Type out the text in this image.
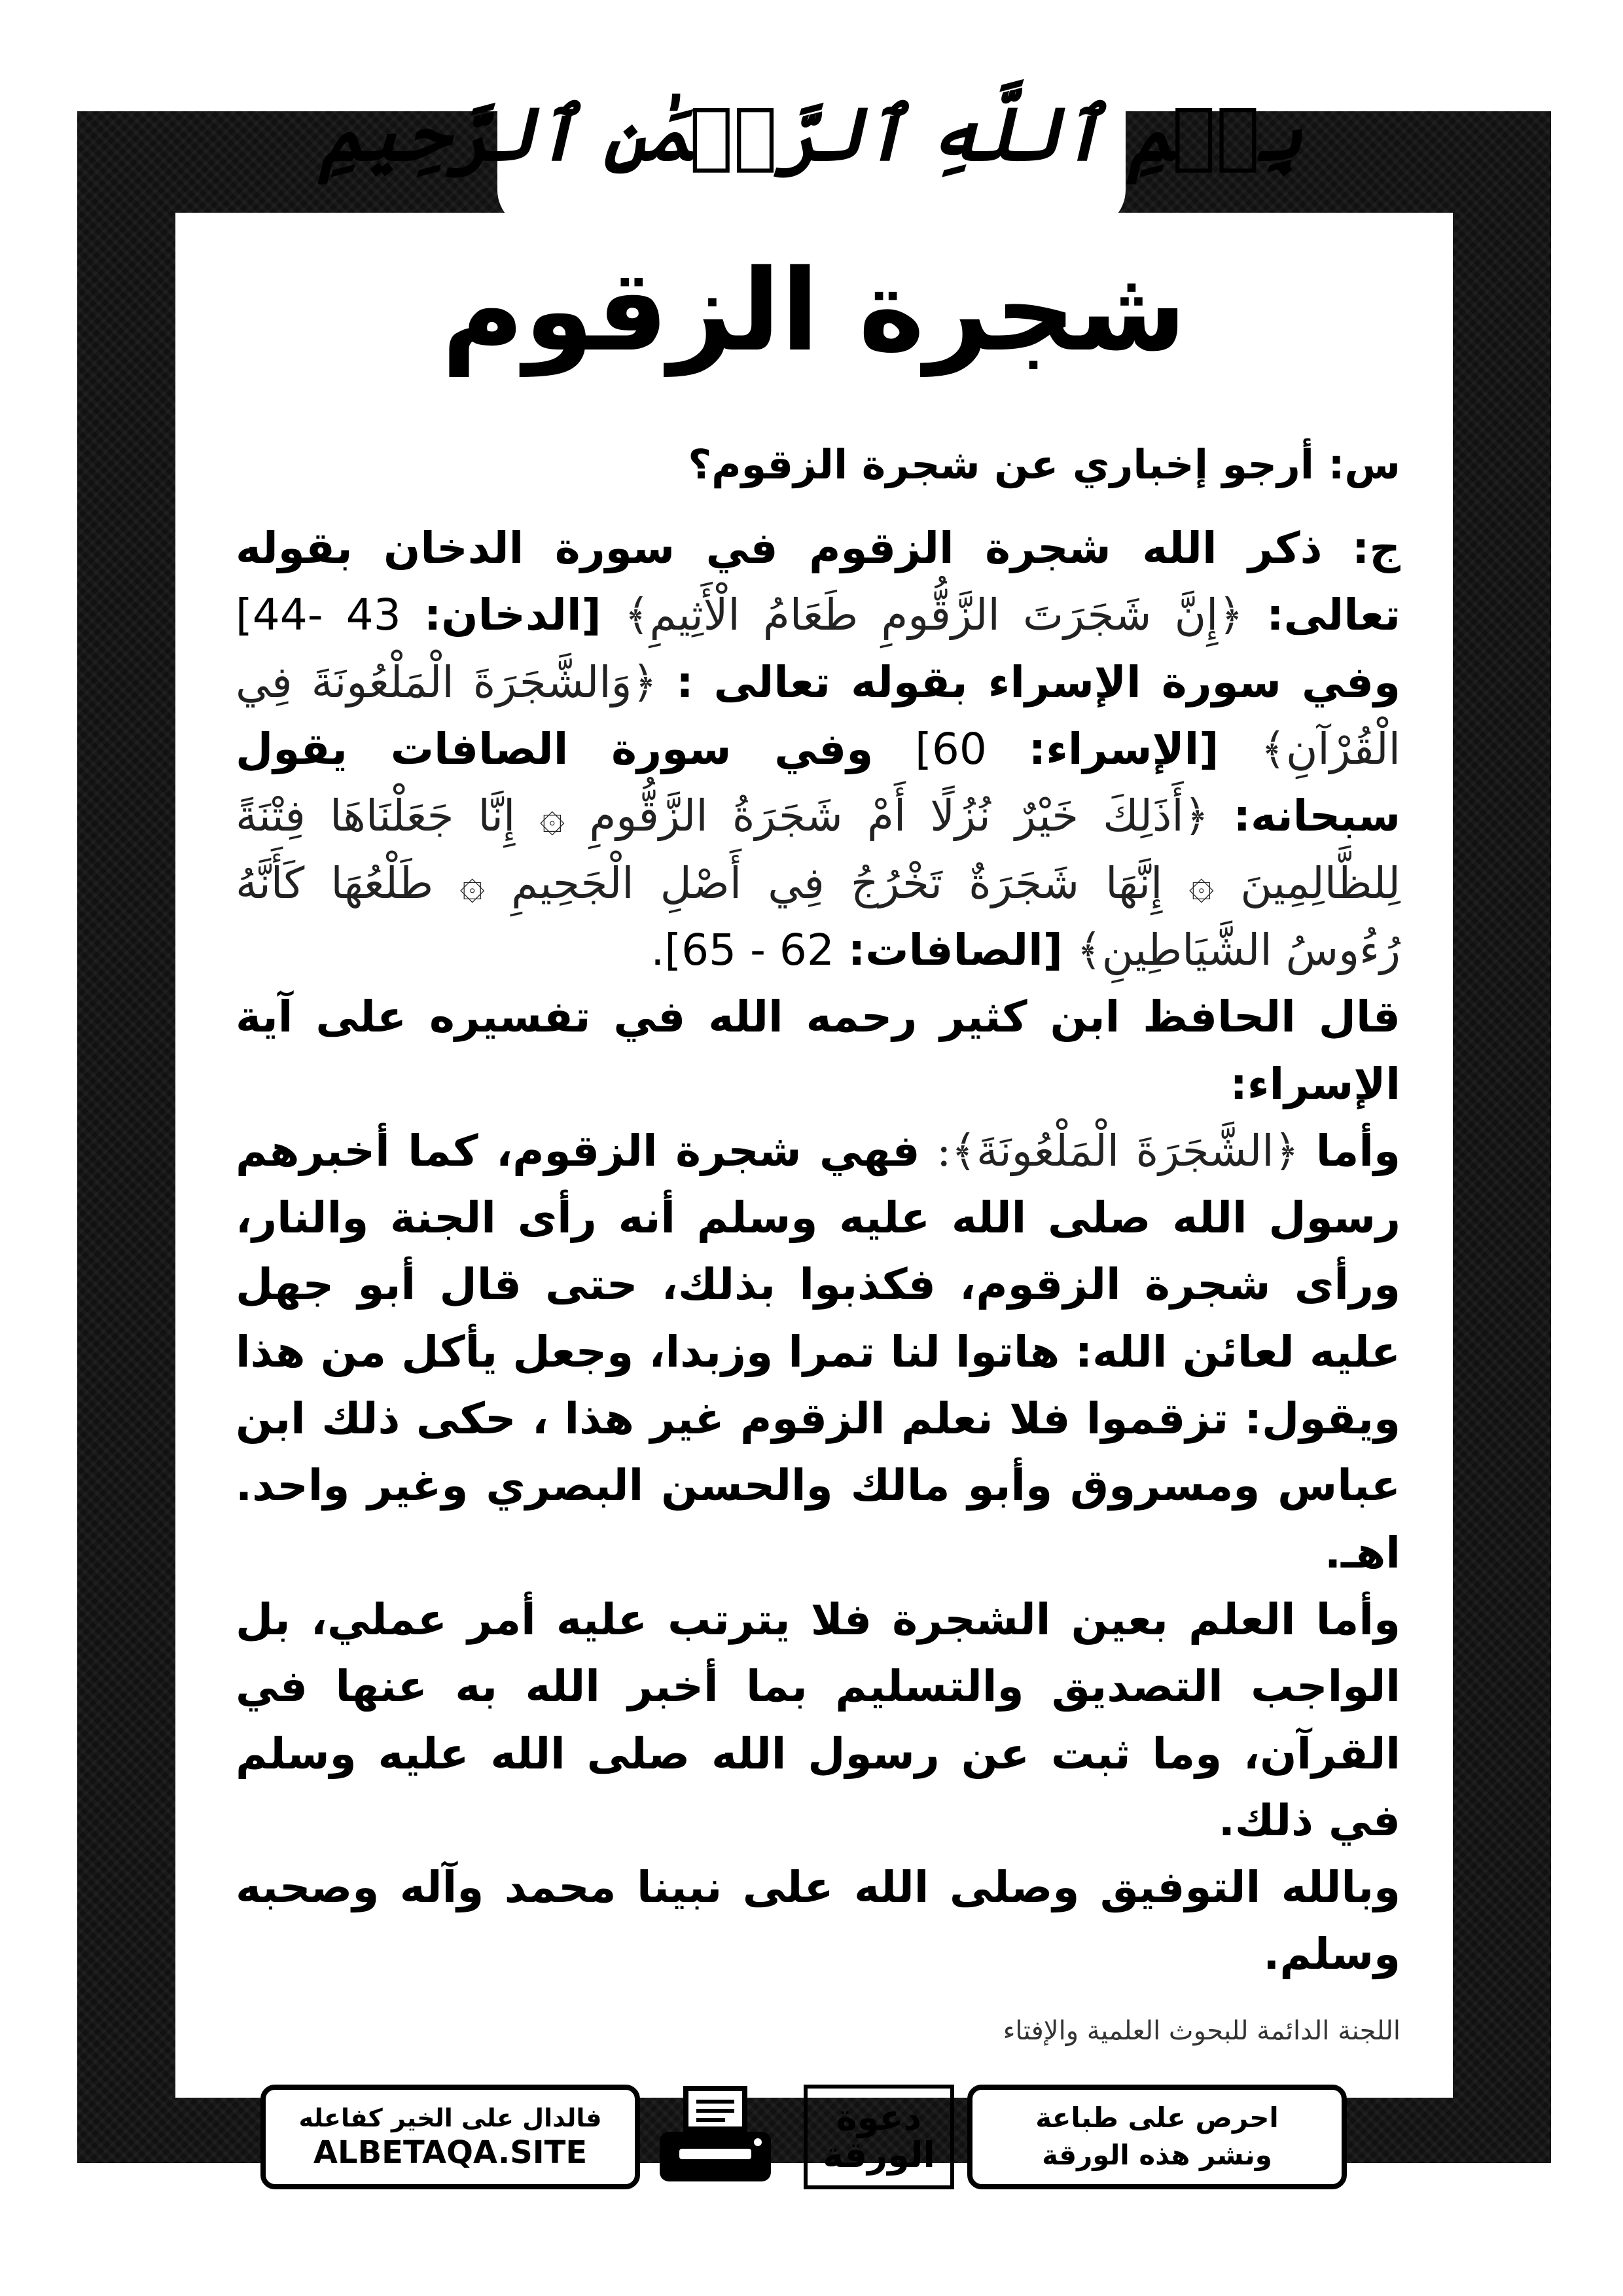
بِسۡمِ ٱللَّهِ ٱلرَّحۡمَٰنِ ٱلرَّحِيمِ
شجرة الزقوم

س: أرجو إخباري عن شجرة الزقوم؟

ج: ذكر الله شجرة الزقوم في سورة الدخان بقوله تعالى: ﴿إِنَّ شَجَرَتَ الزَّقُّومِ طَعَامُ الْأَثِيمِ﴾ [الدخان: 43 -44] وفي سورة الإسراء بقوله تعالى : ﴿وَالشَّجَرَةَ الْمَلْعُونَةَ فِي الْقُرْآنِ﴾ [الإسراء: 60] وفي سورة الصافات يقول سبحانه: ﴿أَذَلِكَ خَيْرٌ نُزُلًا أَمْ شَجَرَةُ الزَّقُّومِ ۞ إِنَّا جَعَلْنَاهَا فِتْنَةً لِلظَّالِمِينَ ۞ إِنَّهَا شَجَرَةٌ تَخْرُجُ فِي أَصْلِ الْجَحِيمِ ۞ طَلْعُهَا كَأَنَّهُ رُءُوسُ الشَّيَاطِينِ﴾ [الصافات: 62 - 65].

قال الحافظ ابن كثير رحمه الله في تفسيره على آية الإسراء:

وأما ﴿الشَّجَرَةَ الْمَلْعُونَةَ﴾: فهي شجرة الزقوم، كما أخبرهم رسول الله صلى الله عليه وسلم أنه رأى الجنة والنار، ورأى شجرة الزقوم، فكذبوا بذلك، حتى قال أبو جهل عليه لعائن الله: هاتوا لنا تمرا وزبدا، وجعل يأكل من هذا ويقول: تزقموا فلا نعلم الزقوم غير هذا ، حكى ذلك ابن عباس ومسروق وأبو مالك والحسن البصري وغير واحد. اهـ.

وأما العلم بعين الشجرة فلا يترتب عليه أمر عملي، بل الواجب التصديق والتسليم بما أخبر الله به عنها في القرآن، وما ثبت عن رسول الله صلى الله عليه وسلم في ذلك.

وبالله التوفيق وصلى الله على نبينا محمد وآله وصحبه وسلم.

اللجنة الدائمة للبحوث العلمية والإفتاء
فالدال على الخير كفاعله
ALBETAQA.SITE
دعوة
الورقة
احرص على طباعة
ونشر هذه الورقة
